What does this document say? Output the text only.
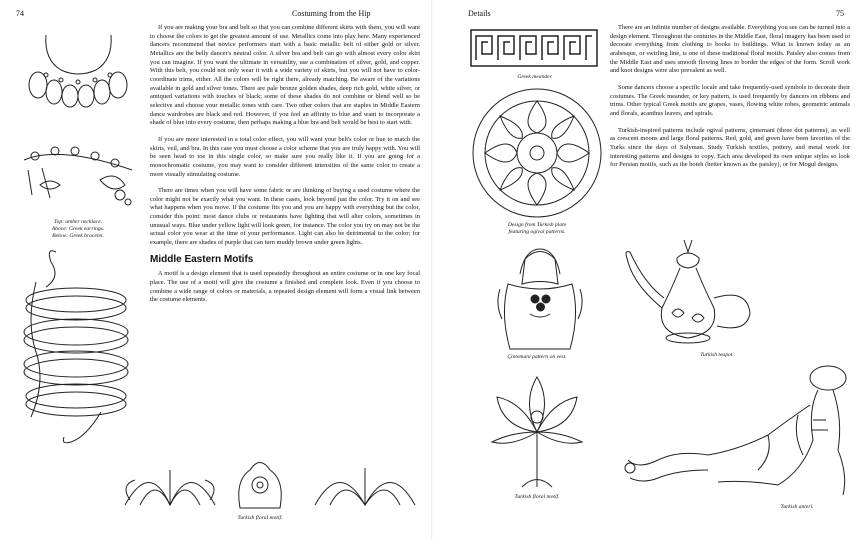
74	Costuming from the Hip

If you are making your bra and belt so that you can combine different skirts with them, you will want to choose the colors to get the greatest amount of use. Metallics come into play here. Many experienced dancers recommend that novice performers start with a basic metallic belt of either gold or silver. Metallics are the belly dancer's neutral color. A silver bra and belt can go with almost every color skirt you can imagine. If you want the ultimate in versatility, use a combination of silver, gold, and copper. With this belt, you could not only wear it with a wide variety of skirts, but you will not have to color-coordinate trims, either. All the colors will be right there, already matching. Be aware of the variations available in gold and silver tones. There are pale bronze golden shades, deep rich gold, white silver, or antiqued variations with touches of black; some of these shades do not combine or blend well so be selective and choose your metallic tones with care. Two other colors that are staples in Middle Eastern dance wardrobes are black and red. However, if you feel an affinity to blue and want to incorporate a shade of blue into every costume, then perhaps making a blue bra and belt would be best to start with.

If you are more interested in a total color effect, you will want your belt's color or hue to match the skirts, veil, and bra. In this case you must choose a color scheme that you are truly happy with. You will be seen head to toe in this single color, so make sure you really like it. If you are going for a monochromatic costume, you may want to consider different intensities of the same color to create a more visually stimulating costume.

There are times when you will have some fabric or are thinking of buying a used costume where the color might not be exactly what you want. In these cases, look beyond just the color. Try it on and see what happens when you move. If the costume fits you and you are happy with everything but the color, consider this point: most dance clubs or restaurants have lighting that will alter colors, sometimes in unusual ways. Blue under yellow light will look green, for instance. The color you try on may not be the actual color you wear at the time of your performance. Light can also be detrimental to the color; for example, there are shades of purple that can turn muddy brown under green lights.

Middle Eastern Motifs

A motif is a design element that is used repeatedly throughout an entire costume or in one key focal place. The use of a motif will give the costume a finished and complete look. Even if you choose to combine a wide range of colors or materials, a repeated design element will form a visual link between the costume elements.

Top: amber necklace.
Above: Greek earrings.
Below: Greek bracelet.
Turkish floral motif.
Details	75

There are an infinite number of designs available. Everything you see can be turned into a design element. Throughout the centuries in the Middle East, floral imagery has been used to decorate everything from clothing to books to buildings. What is known today as an arabesque, or swirling line, is one of these traditional floral motifs. Paisley also comes from the Middle East and uses smooth flowing lines to border the edges of the form. Scroll work and knot designs were also prevalent as well.

Some dancers choose a specific locale and take frequently-used symbols to decorate their costumes. The Greek meander, or key pattern, is used frequently by dancers on ribbons and trims. Other typical Greek motifs are grapes, vases, flowing white robes, geometric animals and florals, acanthus leaves, and spirals.

Turkish-inspired patterns include ogival patterns, çintemani (three dot patterns), as well as crescent moons and large floral patterns. Red, gold, and green have been favorites of the Turks since the days of Sulyman. Study Turkish textiles, pottery, and metal work for interesting patterns and designs to copy. Each area developed its own unique styles so look for Persian motifs, such as the boteh (better known as the paisley), or for Mogul designs.

Greek meander.
Design from Turkish plate
featuring ogival patterns.
Çintemani pattern on vest.
Turkish floral motif.
Turkish teapot.
Turkish anteri.
